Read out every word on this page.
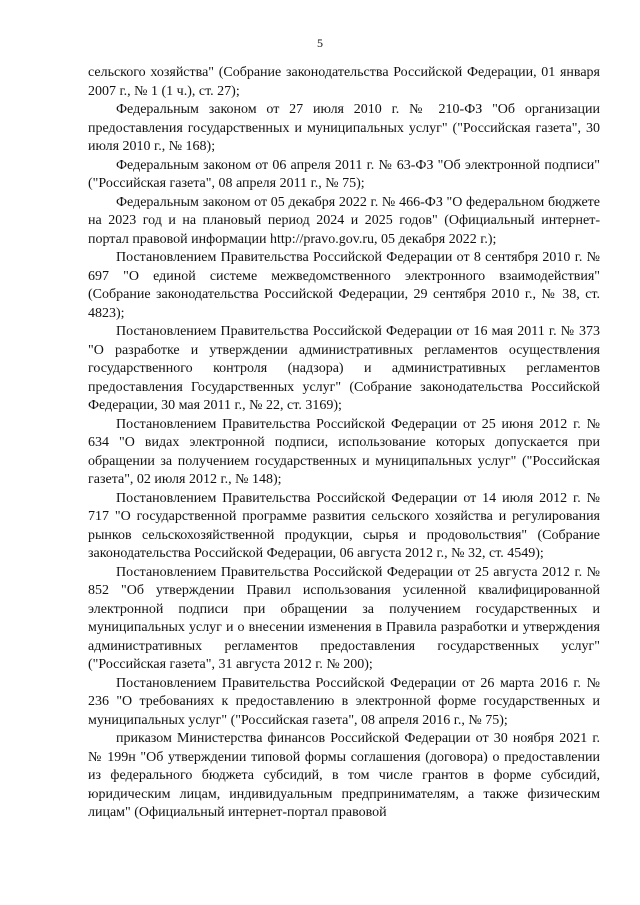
5

сельского хозяйства" (Собрание законодательства Российской Федерации, 01 января 2007 г., № 1 (1 ч.), ст. 27);

Федеральным законом от 27 июля 2010 г. № 210-ФЗ "Об организации предоставления государственных и муниципальных услуг" ("Российская газета", 30 июля 2010 г., № 168);

Федеральным законом от 06 апреля 2011 г. № 63-ФЗ "Об электронной подписи" ("Российская газета", 08 апреля 2011 г., № 75);

Федеральным законом от 05 декабря 2022 г. № 466-ФЗ "О федеральном бюджете на 2023 год и на плановый период 2024 и 2025 годов" (Официальный интернет-портал правовой информации http://pravo.gov.ru, 05 декабря 2022 г.);

Постановлением Правительства Российской Федерации от 8 сентября 2010 г. № 697 "О единой системе межведомственного электронного взаимодействия" (Собрание законодательства Российской Федерации, 29 сентября 2010 г., № 38, ст. 4823);

Постановлением Правительства Российской Федерации от 16 мая 2011 г. № 373 "О разработке и утверждении административных регламентов осуществления государственного контроля (надзора) и административных регламентов предоставления Государственных услуг" (Собрание законодательства Российской Федерации, 30 мая 2011 г., № 22, ст. 3169);

Постановлением Правительства Российской Федерации от 25 июня 2012 г. № 634 "О видах электронной подписи, использование которых допускается при обращении за получением государственных и муниципальных услуг" ("Российская газета", 02 июля 2012 г., № 148);

Постановлением Правительства Российской Федерации от 14 июля 2012 г. № 717 "О государственной программе развития сельского хозяйства и регулирования рынков сельскохозяйственной продукции, сырья и продовольствия" (Собрание законодательства Российской Федерации, 06 августа 2012 г., № 32, ст. 4549);

Постановлением Правительства Российской Федерации от 25 августа 2012 г. № 852 "Об утверждении Правил использования усиленной квалифицированной электронной подписи при обращении за получением государственных и муниципальных услуг и о внесении изменения в Правила разработки и утверждения административных регламентов предоставления государственных услуг" ("Российская газета", 31 августа 2012 г. № 200);

Постановлением Правительства Российской Федерации от 26 марта 2016 г. № 236 "О требованиях к предоставлению в электронной форме государственных и муниципальных услуг" ("Российская газета", 08 апреля 2016 г., № 75);

приказом Министерства финансов Российской Федерации от 30 ноября 2021 г. № 199н "Об утверждении типовой формы соглашения (договора) о предоставлении из федерального бюджета субсидий, в том числе грантов в форме субсидий, юридическим лицам, индивидуальным предпринимателям, а также физическим лицам" (Официальный интернет-портал правовой
